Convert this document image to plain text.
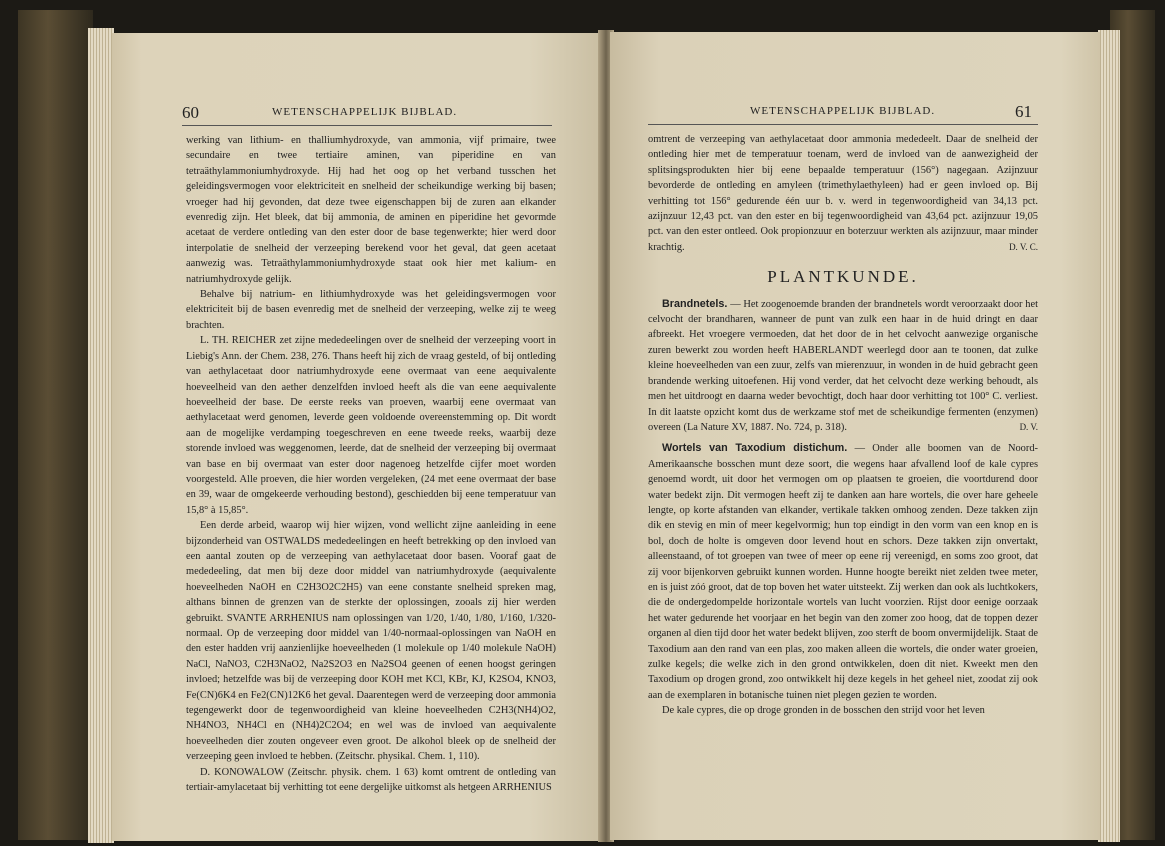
60	WETENSCHAPPELIJK BIJBLAD.

werking van lithium- en thalliumhydroxyde, van ammonia, vijf primaire, twee secundaire en twee tertiaire aminen, van piperidine en van tetraäthylammoniumhydroxyde. Hij had het oog op het verband tusschen het geleidingsvermogen voor elektriciteit en snelheid der scheikundige werking bij basen; vroeger had hij gevonden, dat deze twee eigenschappen bij de zuren aan elkander evenredig zijn. Het bleek, dat bij ammonia, de aminen en piperidine het gevormde acetaat de verdere ontleding van den ester door de base tegenwerkte; hier werd door interpolatie de snelheid der verzeeping berekend voor het geval, dat geen acetaat aanwezig was. Tetraäthylammoniumhydroxyde staat ook hier met kalium- en natriumhydroxyde gelijk.

Behalve bij natrium- en lithiumhydroxyde was het geleidingsvermogen voor elektriciteit bij de basen evenredig met de snelheid der verzeeping, welke zij te weeg brachten.

L. TH. REICHER zet zijne mededeelingen over de snelheid der verzeeping voort in Liebig's Ann. der Chem. 238, 276. Thans heeft hij zich de vraag gesteld, of bij ontleding van aethylacetaat door natriumhydroxyde eene overmaat van eene aequivalente hoeveelheid van den aether denzelfden invloed heeft als die van eene aequivalente hoeveelheid der base. De eerste reeks van proeven, waarbij eene overmaat van aethylacetaat werd genomen, leverde geen voldoende overeenstemming op. Dit wordt aan de mogelijke verdamping toegeschreven en eene tweede reeks, waarbij deze storende invloed was weggenomen, leerde, dat de snelheid der verzeeping bij overmaat van base en bij overmaat van ester door nagenoeg hetzelfde cijfer moet worden voorgesteld. Alle proeven, die hier worden vergeleken, (24 met eene overmaat der base en 39, waar de omgekeerde verhouding bestond), geschiedden bij eene temperatuur van 15,8° à 15,85°.

Een derde arbeid, waarop wij hier wijzen, vond wellicht zijne aanleiding in eene bijzonderheid van OSTWALDS mededeelingen en heeft betrekking op den invloed van een aantal zouten op de verzeeping van aethylacetaat door basen. Vooraf gaat de mededeeling, dat men bij deze door middel van natriumhydroxyde (aequivalente hoeveelheden NaOH en C2H3O2C2H5) van eene constante snelheid spreken mag, althans binnen de grenzen van de sterkte der oplossingen, zooals zij hier werden gebruikt. SVANTE ARRHENIUS nam oplossingen van 1/20, 1/40, 1/80, 1/160, 1/320-normaal. Op de verzeeping door middel van 1/40-normaal-oplossingen van NaOH en den ester hadden vrij aanzienlijke hoeveelheden (1 molekule op 1/40 molekule NaOH) NaCl, NaNO3, C2H3NaO2, Na2S2O3 en Na2SO4 geenen of eenen hoogst geringen invloed; hetzelfde was bij de verzeeping door KOH met KCl, KBr, KJ, K2SO4, KNO3, Fe(CN)6K4 en Fe2(CN)12K6 het geval. Daarentegen werd de verzeeping door ammonia tegengewerkt door de tegenwoordigheid van kleine hoeveelheden C2H3(NH4)O2, NH4NO3, NH4Cl en (NH4)2C2O4; en wel was de invloed van aequivalente hoeveelheden dier zouten ongeveer even groot. De alkohol bleek op de snelheid der verzeeping geen invloed te hebben. (Zeitschr. physikal. Chem. 1, 110).

D. KONOWALOW (Zeitschr. physik. chem. 1 63) komt omtrent de ontleding van tertiair-amylacetaat bij verhitting tot eene dergelijke uitkomst als hetgeen ARRHENIUS

WETENSCHAPPELIJK BIJBLAD.	61

omtrent de verzeeping van aethylacetaat door ammonia mededeelt. Daar de snelheid der ontleding hier met de temperatuur toenam, werd de invloed van de aanwezigheid der splitsingsprodukten hier bij eene bepaalde temperatuur (156°) nagegaan. Azijnzuur bevorderde de ontleding en amyleen (trimethylaethyleen) had er geen invloed op. Bij verhitting tot 156° gedurende één uur b. v. werd in tegenwoordigheid van 34,13 pct. azijnzuur 12,43 pct. van den ester en bij tegenwoordigheid van 43,64 pct. azijnzuur 19,05 pct. van den ester ontleed. Ook propionzuur en boterzuur werkten als azijnzuur, maar minder krachtig.	D. V. C.

PLANTKUNDE.

Brandnetels. — Het zoogenoemde branden der brandnetels wordt veroorzaakt door het celvocht der brandharen, wanneer de punt van zulk een haar in de huid dringt en daar afbreekt. Het vroegere vermoeden, dat het door de in het celvocht aanwezige organische zuren bewerkt zou worden heeft HABERLANDT weerlegd door aan te toonen, dat zulke kleine hoeveelheden van een zuur, zelfs van mierenzuur, in wonden in de huid gebracht geen brandende werking uitoefenen. Hij vond verder, dat het celvocht deze werking behoudt, als men het uitdroogt en daarna weder bevochtigt, doch haar door verhitting tot 100° C. verliest. In dit laatste opzicht komt dus de werkzame stof met de scheikundige fermenten (enzymen) overeen (La Nature XV, 1887. No. 724, p. 318).	D. V.

Wortels van Taxodium distichum. — Onder alle boomen van de Noord-Amerikaansche bosschen munt deze soort, die wegens haar afvallend loof de kale cypres genoemd wordt, uit door het vermogen om op plaatsen te groeien, die voortdurend door water bedekt zijn. Dit vermogen heeft zij te danken aan hare wortels, die over hare geheele lengte, op korte afstanden van elkander, vertikale takken omhoog zenden. Deze takken zijn dik en stevig en min of meer kegelvormig; hun top eindigt in den vorm van een knop en is bol, doch de holte is omgeven door levend hout en schors. Deze takken zijn onvertakt, alleenstaand, of tot groepen van twee of meer op eene rij vereenigd, en soms zoo groot, dat zij voor bijenkorven gebruikt kunnen worden. Hunne hoogte bereikt niet zelden twee meter, en is juist zóó groot, dat de top boven het water uitsteekt. Zij werken dan ook als luchtkokers, die de ondergedompelde horizontale wortels van lucht voorzien. Rijst door eenige oorzaak het water gedurende het voorjaar en het begin van den zomer zoo hoog, dat de toppen dezer organen al dien tijd door het water bedekt blijven, zoo sterft de boom onvermijdelijk. Staat de Taxodium aan den rand van een plas, zoo maken alleen die wortels, die onder water groeien, zulke kegels; die welke zich in den grond ontwikkelen, doen dit niet. Kweekt men den Taxodium op drogen grond, zoo ontwikkelt hij deze kegels in het geheel niet, zoodat zij ook aan de exemplaren in botanische tuinen niet plegen gezien te worden.

De kale cypres, die op droge gronden in de bosschen den strijd voor het leven
